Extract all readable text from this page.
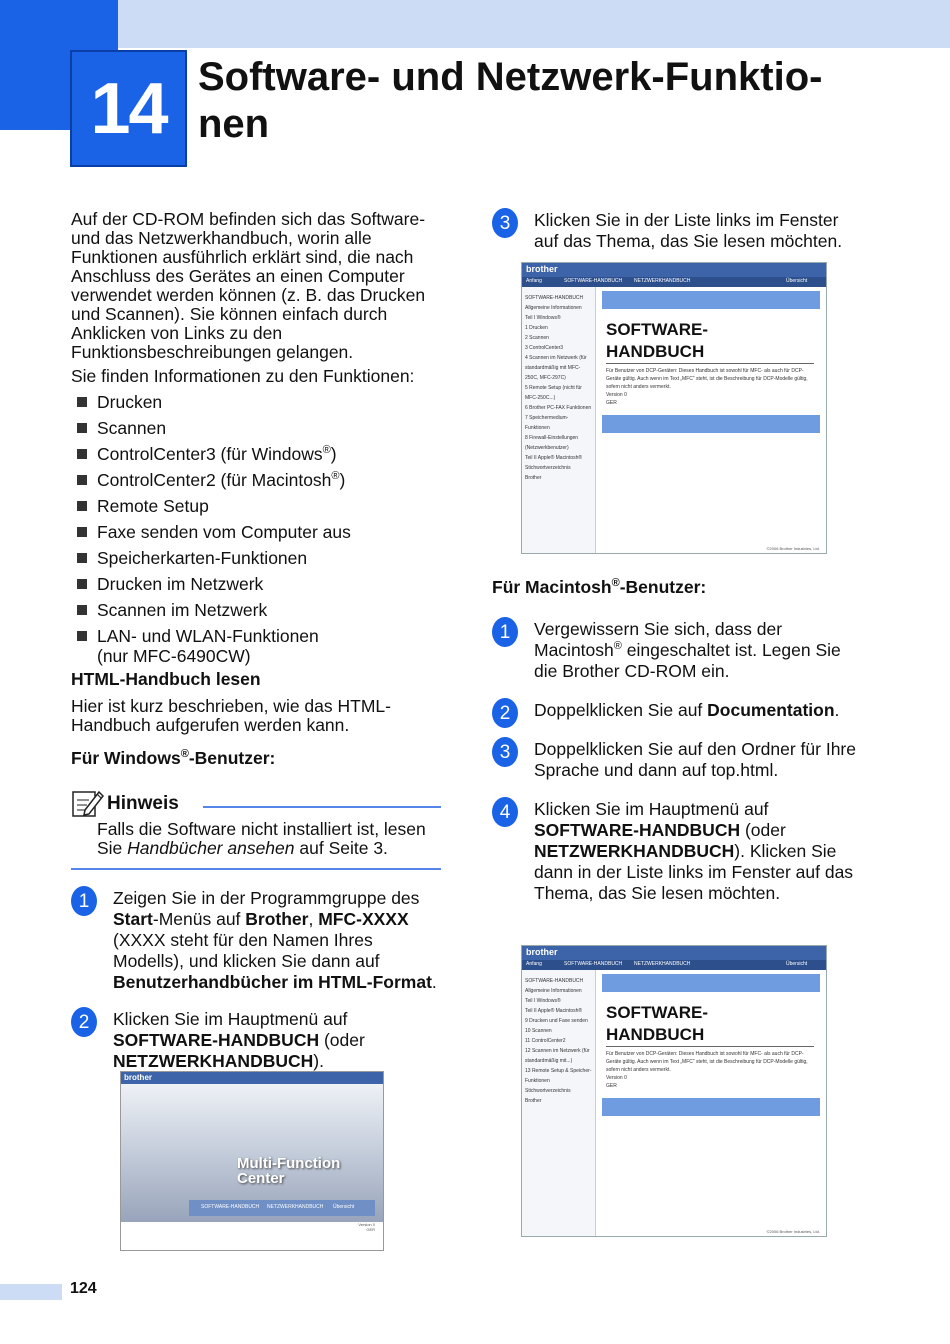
14 Software- und Netzwerk-Funktio-
nen

Auf der CD-ROM befinden sich das Software- und das Netzwerkhandbuch, worin alle Funktionen ausführlich erklärt sind, die nach Anschluss des Gerätes an einen Computer verwendet werden können (z. B. das Drucken und Scannen). Sie können einfach durch Anklicken von Links zu den Funktionsbeschreibungen gelangen.

Sie finden Informationen zu den Funktionen:

Drucken
Scannen
ControlCenter3 (für Windows®)
ControlCenter2 (für Macintosh®)
Remote Setup
Faxe senden vom Computer aus
Speicherkarten-Funktionen
Drucken im Netzwerk
Scannen im Netzwerk
LAN- und WLAN-Funktionen
(nur MFC-6490CW)
HTML-Handbuch lesen

Hier ist kurz beschrieben, wie das HTML-Handbuch aufgerufen werden kann.

Für Windows®-Benutzer:
Hinweis
Falls die Software nicht installiert ist, lesen Sie Handbücher ansehen auf Seite 3.
1	Zeigen Sie in der Programmgruppe des Start-Menüs auf Brother, MFC-XXXX (XXXX steht für den Namen Ihres Modells), und klicken Sie dann auf Benutzerhandbücher im HTML-Format.
2	Klicken Sie im Hauptmenü auf SOFTWARE-HANDBUCH (oder NETZWERKHANDBUCH).
brother
Multi-Function
Center
SOFTWARE-HANDBUCH NETZWERKHANDBUCH Übersicht
Version 0
GER
3	Klicken Sie in der Liste links im Fenster auf das Thema, das Sie lesen möchten.
brother
Anfang	SOFTWARE-HANDBUCH NETZWERKHANDBUCH	Übersicht
SOFTWARE-HANDBUCH
Allgemeine Informationen
Teil I Windows®
1 Drucken
2 Scannen
3 ControlCenter3
4 Scannen im Netzwerk (für standardmäßig mit MFC-250C, MFC-297C)
5 Remote Setup (nicht für MFC-250C...)
6 Brother PC-FAX Funktionen
7 Speichermedium-Funktionen
8 Firewall-Einstellungen (Netzwerkbenutzer)
Teil II Apple® Macintosh®
Stichwortverzeichnis
Brother
SOFTWARE-
HANDBUCH
Für Benutzer von DCP-Geräten: Dieses Handbuch ist sowohl für MFC- als auch für DCP-Geräte gültig. Auch wenn im Text „MFC“ steht, ist die Beschreibung für DCP-Modelle gültig, sofern nicht anders vermerkt.
Version 0
GER
©2006 Brother Industries, Ltd.
Für Macintosh®-Benutzer:
1	Vergewissern Sie sich, dass der Macintosh® eingeschaltet ist. Legen Sie die Brother CD-ROM ein.
2	Doppelklicken Sie auf Documentation.
3	Doppelklicken Sie auf den Ordner für Ihre Sprache und dann auf top.html.
4	Klicken Sie im Hauptmenü auf SOFTWARE-HANDBUCH (oder NETZWERKHANDBUCH). Klicken Sie dann in der Liste links im Fenster auf das Thema, das Sie lesen möchten.
brother
Anfang	SOFTWARE-HANDBUCH NETZWERKHANDBUCH	Übersicht
SOFTWARE-HANDBUCH
Allgemeine Informationen
Teil I Windows®
Teil II Apple® Macintosh®
9 Drucken und Faxe senden
10 Scannen
11 ControlCenter2
12 Scannen im Netzwerk (für standardmäßig mit...)
13 Remote Setup & Speicher-Funktionen
Stichwortverzeichnis
Brother
SOFTWARE-
HANDBUCH
Für Benutzer von DCP-Geräten: Dieses Handbuch ist sowohl für MFC- als auch für DCP-Geräte gültig. Auch wenn im Text „MFC“ steht, ist die Beschreibung für DCP-Modelle gültig, sofern nicht anders vermerkt.
Version 0
GER
©2006 Brother Industries, Ltd.
124
